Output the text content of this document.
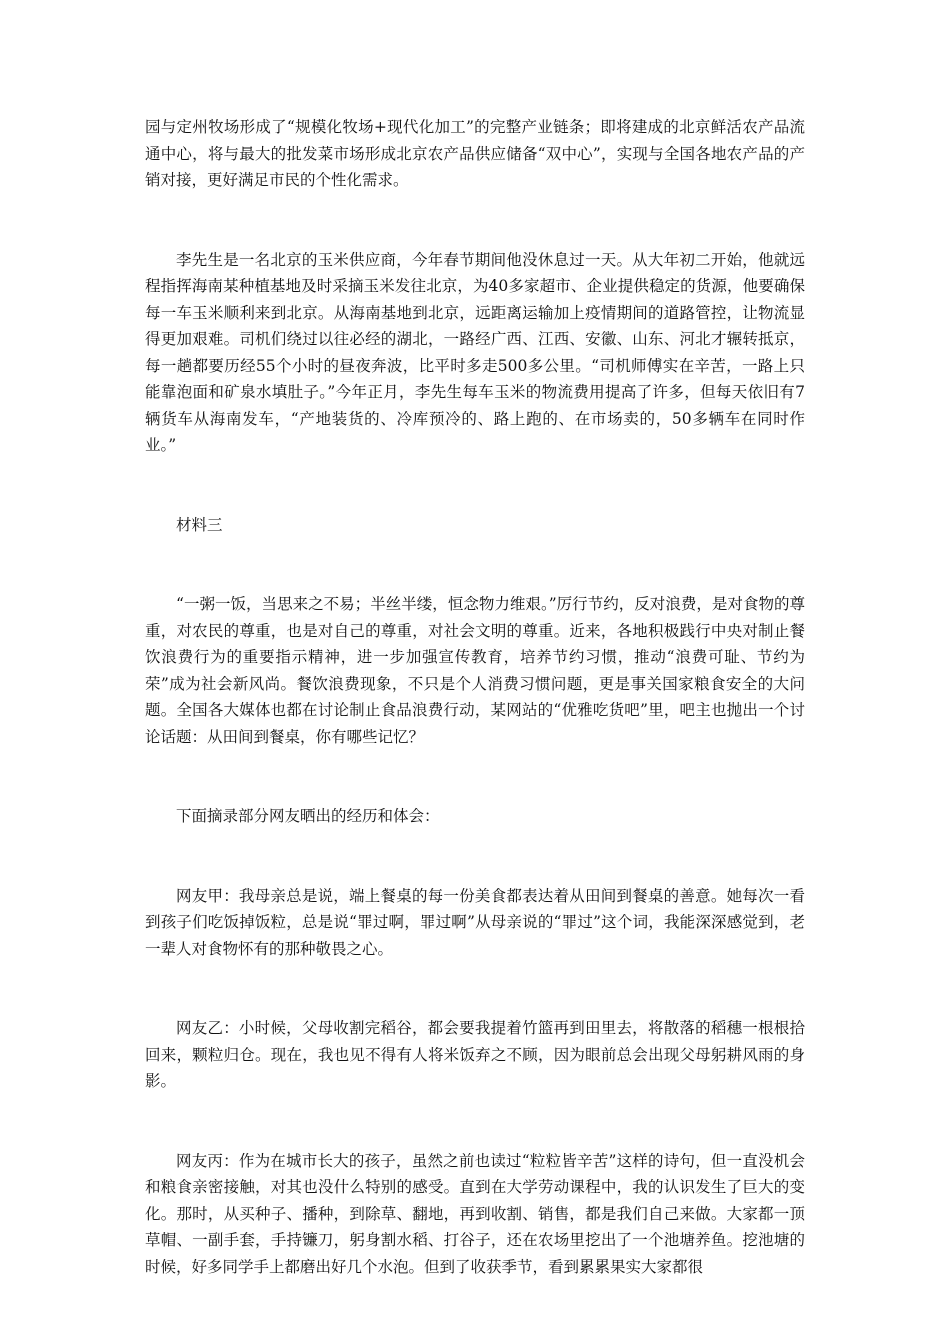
园与定州牧场形成了“规模化牧场+现代化加工”的完整产业链条；即将建成的北京鲜活农产品流通中心，将与最大的批发菜市场形成北京农产品供应储备“双中心”，实现与全国各地农产品的产销对接，更好满足市民的个性化需求。

李先生是一名北京的玉米供应商，今年春节期间他没休息过一天。从大年初二开始，他就远程指挥海南某种植基地及时采摘玉米发往北京，为40多家超市、企业提供稳定的货源，他要确保每一车玉米顺利来到北京。从海南基地到北京，远距离运输加上疫情期间的道路管控，让物流显得更加艰难。司机们绕过以往必经的湖北，一路经广西、江西、安徽、山东、河北才辗转抵京，每一趟都要历经55个小时的昼夜奔波，比平时多走500多公里。“司机师傅实在辛苦，一路上只能靠泡面和矿泉水填肚子。”今年正月，李先生每车玉米的物流费用提高了许多，但每天依旧有7辆货车从海南发车，“产地装货的、冷库预冷的、路上跑的、在市场卖的，50多辆车在同时作业。”

材料三

“一粥一饭，当思来之不易；半丝半缕，恒念物力维艰。”厉行节约，反对浪费，是对食物的尊重，对农民的尊重，也是对自己的尊重，对社会文明的尊重。近来，各地积极践行中央对制止餐饮浪费行为的重要指示精神，进一步加强宣传教育，培养节约习惯，推动“浪费可耻、节约为荣”成为社会新风尚。餐饮浪费现象，不只是个人消费习惯问题，更是事关国家粮食安全的大问题。全国各大媒体也都在讨论制止食品浪费行动，某网站的“优雅吃货吧”里，吧主也抛出一个讨论话题：从田间到餐桌，你有哪些记忆？

下面摘录部分网友晒出的经历和体会：

网友甲：我母亲总是说，端上餐桌的每一份美食都表达着从田间到餐桌的善意。她每次一看到孩子们吃饭掉饭粒，总是说“罪过啊，罪过啊”从母亲说的“罪过”这个词，我能深深感觉到，老一辈人对食物怀有的那种敬畏之心。

网友乙：小时候，父母收割完稻谷，都会要我提着竹篮再到田里去，将散落的稻穗一根根拾回来，颗粒归仓。现在，我也见不得有人将米饭弃之不顾，因为眼前总会出现父母躬耕风雨的身影。

网友丙：作为在城市长大的孩子，虽然之前也读过“粒粒皆辛苦”这样的诗句，但一直没机会和粮食亲密接触，对其也没什么特别的感受。直到在大学劳动课程中，我的认识发生了巨大的变化。那时，从买种子、播种，到除草、翻地，再到收割、销售，都是我们自己来做。大家都一顶草帽、一副手套，手持镰刀，躬身割水稻、打谷子，还在农场里挖出了一个池塘养鱼。挖池塘的时候，好多同学手上都磨出好几个水泡。但到了收获季节，看到累累果实大家都很
